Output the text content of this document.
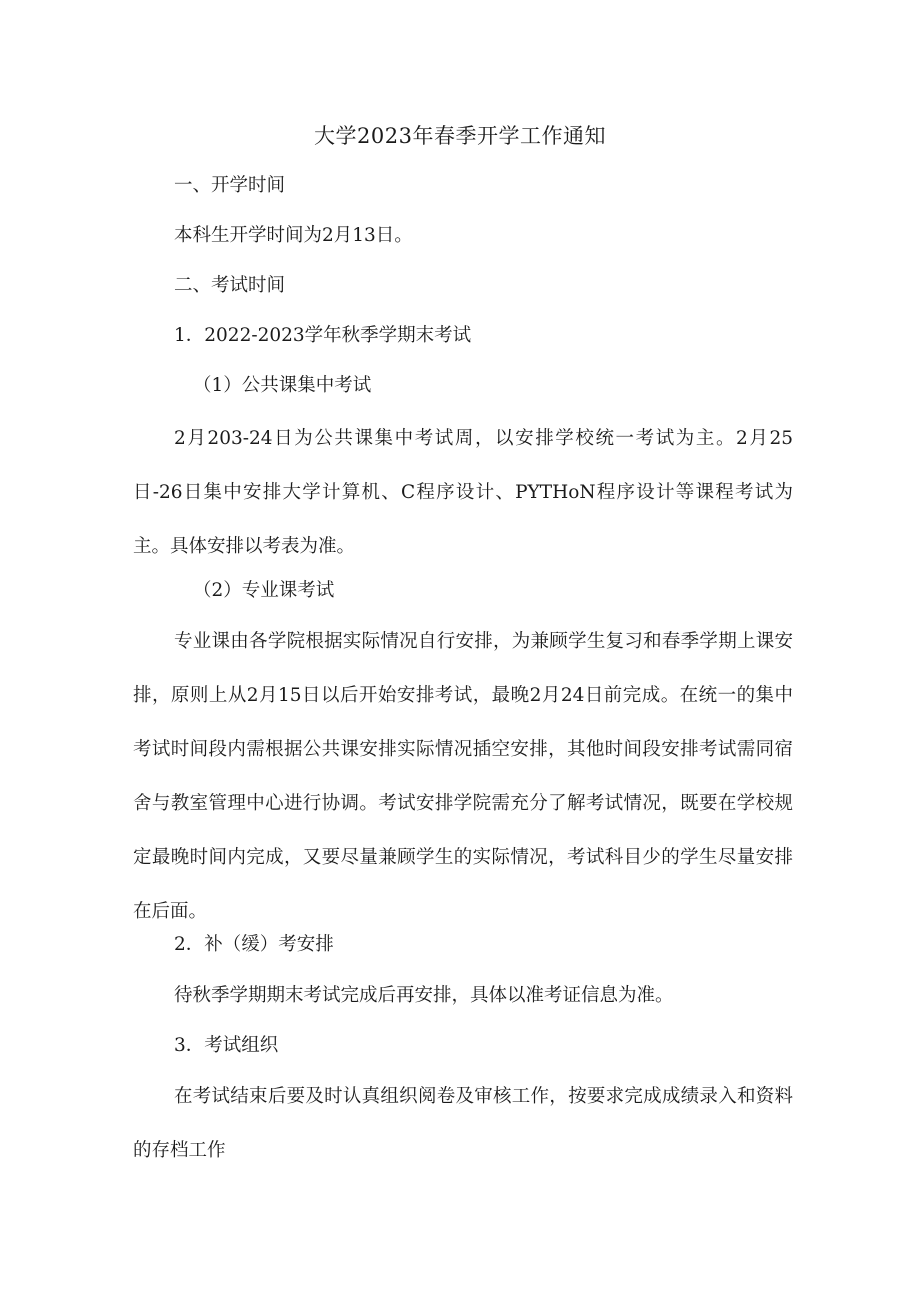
大学2023年春季开学工作通知
一、开学时间
本科生开学时间为2月13日。
二、考试时间
1．2022-2023学年秋季学期末考试
（1）公共课集中考试
2月203-24日为公共课集中考试周，以安排学校统一考试为主。2月25日-26日集中安排大学计算机、C程序设计、PYTHoN程序设计等课程考试为主。具体安排以考表为准。
（2）专业课考试
专业课由各学院根据实际情况自行安排，为兼顾学生复习和春季学期上课安排，原则上从2月15日以后开始安排考试，最晚2月24日前完成。在统一的集中考试时间段内需根据公共课安排实际情况插空安排，其他时间段安排考试需同宿舍与教室管理中心进行协调。考试安排学院需充分了解考试情况，既要在学校规定最晚时间内完成，又要尽量兼顾学生的实际情况，考试科目少的学生尽量安排在后面。
2．补（缓）考安排
待秋季学期期末考试完成后再安排，具体以准考证信息为准。
3．考试组织
在考试结束后要及时认真组织阅卷及审核工作，按要求完成成绩录入和资料的存档工作
